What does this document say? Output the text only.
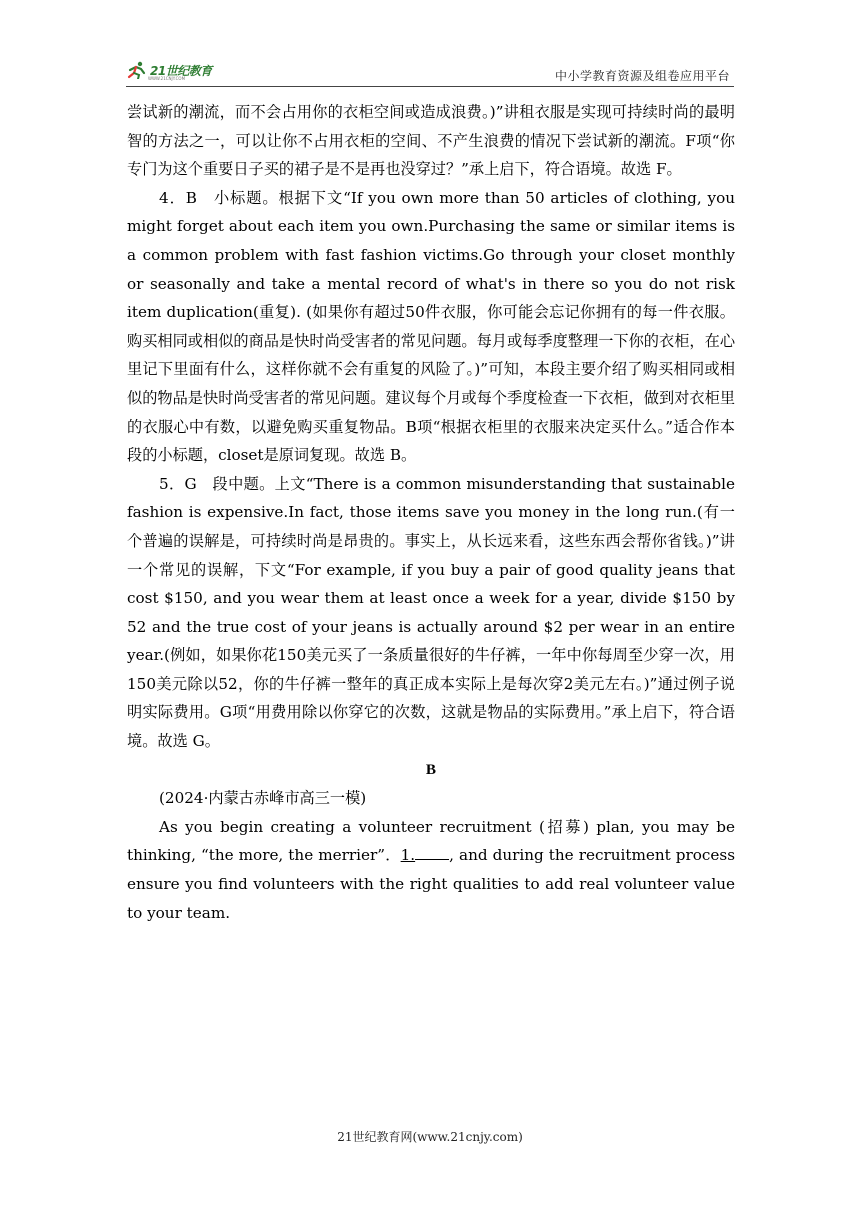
21世纪教育
WWW.21CNJY.COM	中小学教育资源及组卷应用平台

尝试新的潮流，而不会占用你的衣柜空间或造成浪费。)”讲租衣服是实现可持续时尚的最明智的方法之一，可以让你不占用衣柜的空间、不产生浪费的情况下尝试新的潮流。F项“你专门为这个重要日子买的裙子是不是再也没穿过？”承上启下，符合语境。故选 F。

4．B　小标题。根据下文“If you own more than 50 articles of clothing, you might forget about each item you own.Purchasing the same or similar items is a common problem with fast fashion victims.Go through your closet monthly or seasonally and take a mental record of what's in there so you do not risk item duplication(重复). (如果你有超过50件衣服，你可能会忘记你拥有的每一件衣服。购买相同或相似的商品是快时尚受害者的常见问题。每月或每季度整理一下你的衣柜，在心里记下里面有什么，这样你就不会有重复的风险了。)”可知，本段主要介绍了购买相同或相似的物品是快时尚受害者的常见问题。建议每个月或每个季度检查一下衣柜，做到对衣柜里的衣服心中有数，以避免购买重复物品。B项“根据衣柜里的衣服来决定买什么。”适合作本段的小标题，closet是原词复现。故选 B。

5．G　段中题。上文“There is a common misunderstanding that sustainable fashion is expensive.In fact, those items save you money in the long run.(有一个普遍的误解是，可持续时尚是昂贵的。事实上，从长远来看，这些东西会帮你省钱。)”讲一个常见的误解，下文“For example, if you buy a pair of good quality jeans that cost $150, and you wear them at least once a week for a year, divide $150 by 52 and the true cost of your jeans is actually around $2 per wear in an entire year.(例如，如果你花150美元买了一条质量很好的牛仔裤，一年中你每周至少穿一次，用150美元除以52，你的牛仔裤一整年的真正成本实际上是每次穿2美元左右。)”通过例子说明实际费用。G项“用费用除以你穿它的次数，这就是物品的实际费用。”承上启下，符合语境。故选 G。

B

(2024·内蒙古赤峰市高三一模)

As you begin creating a volunteer recruitment (招募) plan, you may be thinking, “the more, the merrier”．1. , and during the recruitment process ensure you find volunteers with the right qualities to add real volunteer value to your team.

21世纪教育网(www.21cnjy.com)
